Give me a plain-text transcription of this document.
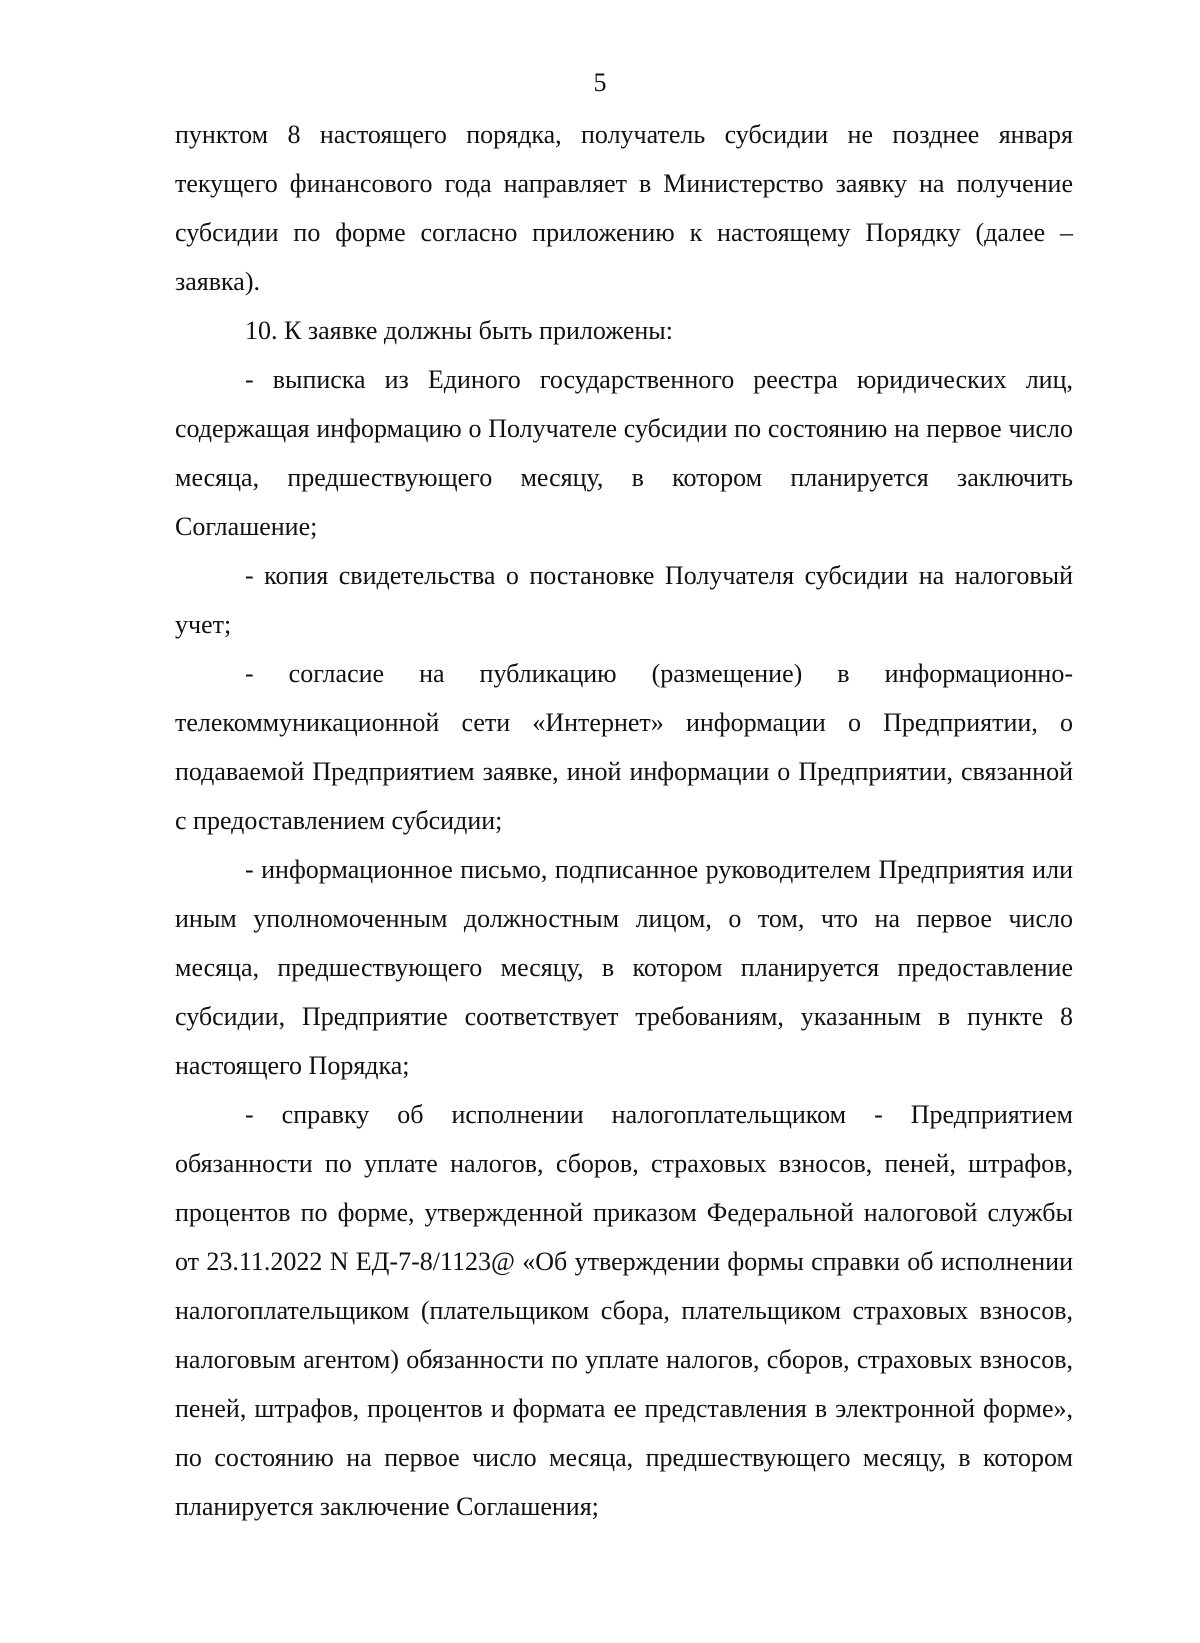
5

пунктом 8 настоящего порядка, получатель субсидии не позднее января текущего финансового года направляет в Министерство заявку на получение субсидии по форме согласно приложению к настоящему Порядку (далее – заявка).

10. К заявке должны быть приложены:

- выписка из Единого государственного реестра юридических лиц, содержащая информацию о Получателе субсидии по состоянию на первое число месяца, предшествующего месяцу, в котором планируется заключить Соглашение;

- копия свидетельства о постановке Получателя субсидии на налоговый учет;

- согласие на публикацию (размещение) в информационно-телекоммуникационной сети «Интернет» информации о Предприятии, о подаваемой Предприятием заявке, иной информации о Предприятии, связанной с предоставлением субсидии;

- информационное письмо, подписанное руководителем Предприятия или иным уполномоченным должностным лицом, о том, что на первое число месяца, предшествующего месяцу, в котором планируется предоставление субсидии, Предприятие соответствует требованиям, указанным в пункте 8 настоящего Порядка;

- справку об исполнении налогоплательщиком - Предприятием обязанности по уплате налогов, сборов, страховых взносов, пеней, штрафов, процентов по форме, утвержденной приказом Федеральной налоговой службы от 23.11.2022 N ЕД-7-8/1123@ «Об утверждении формы справки об исполнении налогоплательщиком (плательщиком сбора, плательщиком страховых взносов, налоговым агентом) обязанности по уплате налогов, сборов, страховых взносов, пеней, штрафов, процентов и формата ее представления в электронной форме», по состоянию на первое число месяца, предшествующего месяцу, в котором планируется заключение Соглашения;
